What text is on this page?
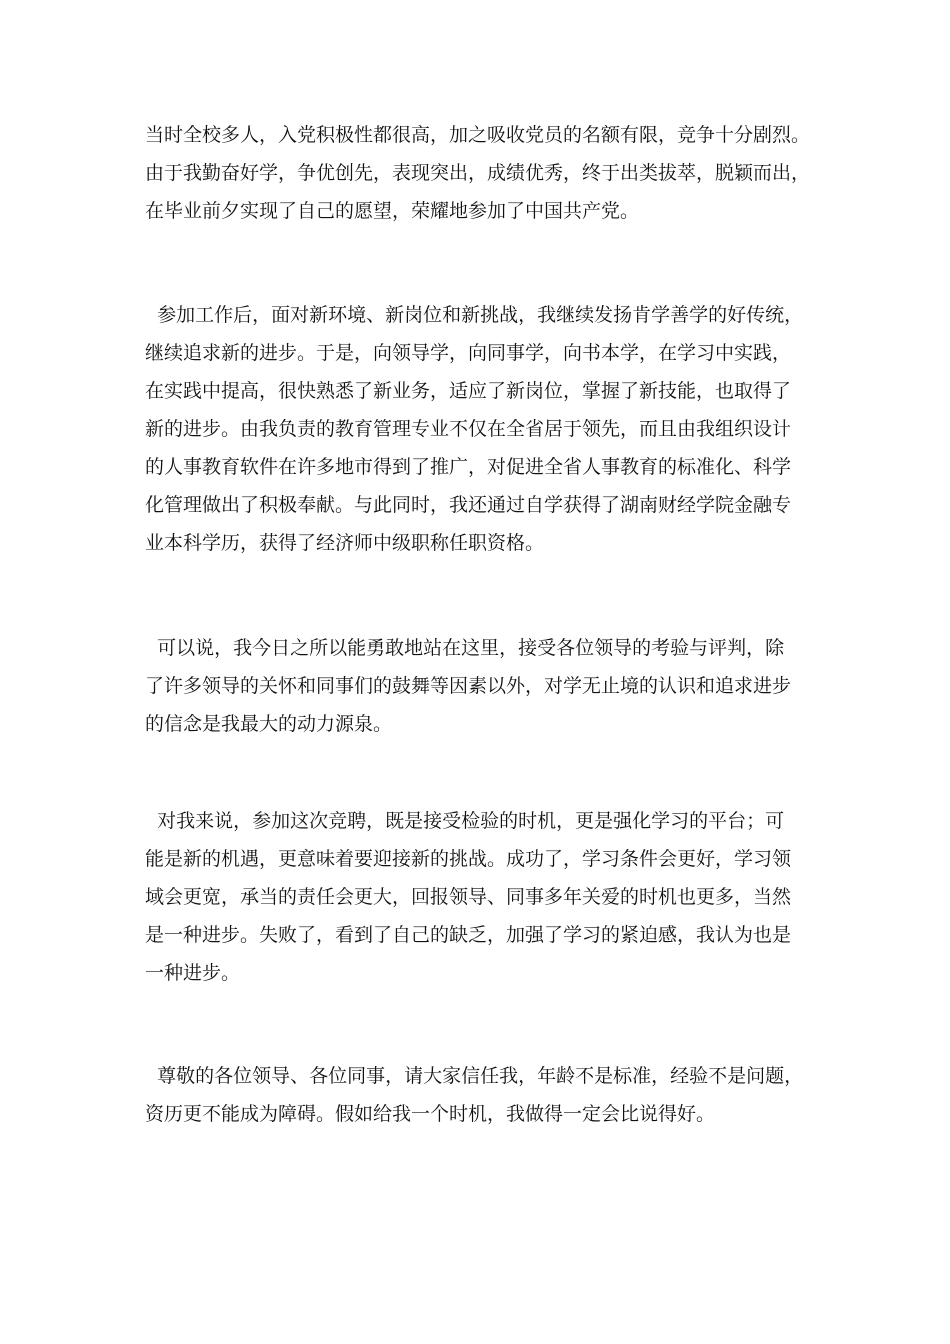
当时全校多人，入党积极性都很高，加之吸收党员的名额有限，竞争十分剧烈。
由于我勤奋好学，争优创先，表现突出，成绩优秀，终于出类拔萃，脱颖而出，
在毕业前夕实现了自己的愿望，荣耀地参加了中国共产党。
参加工作后，面对新环境、新岗位和新挑战，我继续发扬肯学善学的好传统，
继续追求新的进步。于是，向领导学，向同事学，向书本学，在学习中实践，
在实践中提高，很快熟悉了新业务，适应了新岗位，掌握了新技能，也取得了
新的进步。由我负责的教育管理专业不仅在全省居于领先，而且由我组织设计
的人事教育软件在许多地市得到了推广，对促进全省人事教育的标准化、科学
化管理做出了积极奉献。与此同时，我还通过自学获得了湖南财经学院金融专
业本科学历，获得了经济师中级职称任职资格。
可以说，我今日之所以能勇敢地站在这里，接受各位领导的考验与评判，除
了许多领导的关怀和同事们的鼓舞等因素以外，对学无止境的认识和追求进步
的信念是我最大的动力源泉。
对我来说，参加这次竞聘，既是接受检验的时机，更是强化学习的平台；可
能是新的机遇，更意味着要迎接新的挑战。成功了，学习条件会更好，学习领
域会更宽，承当的责任会更大，回报领导、同事多年关爱的时机也更多，当然
是一种进步。失败了，看到了自己的缺乏，加强了学习的紧迫感，我认为也是
一种进步。
尊敬的各位领导、各位同事，请大家信任我，年龄不是标准，经验不是问题，
资历更不能成为障碍。假如给我一个时机，我做得一定会比说得好。
